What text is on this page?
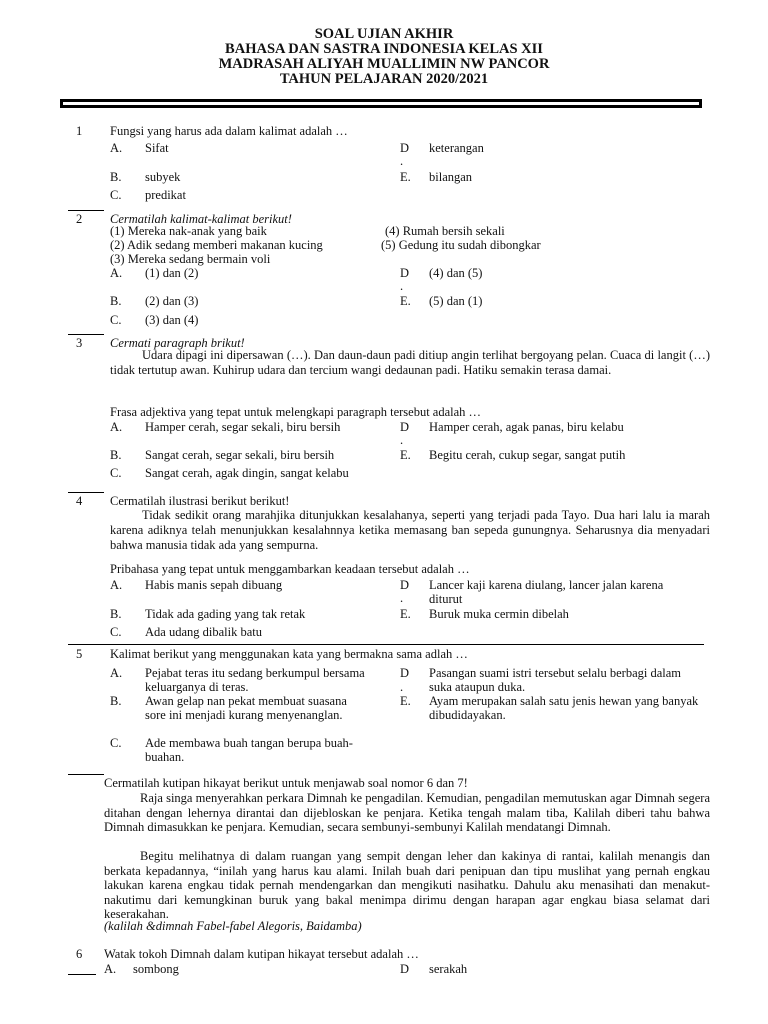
SOAL UJIAN AKHIR
BAHASA DAN SASTRA INDONESIA KELAS XII
MADRASAH ALIYAH MUALLIMIN NW PANCOR
TAHUN PELAJARAN 2020/2021
1 Fungsi yang harus ada dalam kalimat adalah …
A. Sifat	D keterangan
.
B. subyek	E. bilangan
C. predikat
2 Cermatilah kalimat-kalimat berikut!
(1) Mereka nak-anak yang baik	(4) Rumah bersih sekali
(2) Adik sedang memberi makanan kucing	(5) Gedung itu sudah dibongkar
(3) Mereka sedang bermain voli
A. (1) dan (2)	D (4) dan (5)
.
B. (2) dan (3)	E. (5) dan (1)
C. (3) dan (4)
3 Cermati paragraph brikut!
Udara dipagi ini dipersawan (…). Dan daun-daun padi ditiup angin terlihat bergoyang pelan. Cuaca di langit (…) tidak tertutup awan. Kuhirup udara dan tercium wangi dedaunan padi. Hatiku semakin terasa damai.
Frasa adjektiva yang tepat untuk melengkapi paragraph tersebut adalah …
A. Hamper cerah, segar sekali, biru bersih	D Hamper cerah, agak panas, biru kelabu
.
B. Sangat cerah, segar sekali, biru bersih	E. Begitu cerah, cukup segar, sangat putih
C. Sangat cerah, agak dingin, sangat kelabu
4 Cermatilah ilustrasi berikut berikut!
Tidak sedikit orang marahjika ditunjukkan kesalahanya, seperti yang terjadi pada Tayo. Dua hari lalu ia marah karena adiknya telah menunjukkan kesalahnnya ketika memasang ban sepeda gunungnya. Seharusnya dia menyadari bahwa manusia tidak ada yang sempurna.
Pribahasa yang tepat untuk menggambarkan keadaan tersebut adalah …
A. Habis manis sepah dibuang	D Lancer kaji karena diulang, lancer jalan karena diturut
.
B. Tidak ada gading yang tak retak	E. Buruk muka cermin dibelah
C. Ada udang dibalik batu
5 Kalimat berikut yang menggunakan kata yang bermakna sama adlah …
A. Pejabat teras itu sedang berkumpul bersama keluarganya di teras.
D Pasangan suami istri tersebut selalu berbagi dalam suka ataupun duka.
.
B. Awan gelap nan pekat membuat suasana sore ini menjadi kurang menyenanglan.
E. Ayam merupakan salah satu jenis hewan yang banyak dibudidayakan.
C. Ade membawa buah tangan berupa buah-buahan.
Cermatilah kutipan hikayat berikut untuk menjawab soal nomor 6 dan 7!
Raja singa menyerahkan perkara Dimnah ke pengadilan. Kemudian, pengadilan memutuskan agar Dimnah segera ditahan dengan lehernya dirantai dan dijebloskan ke penjara. Ketika tengah malam tiba, Kalilah diberi tahu bahwa Dimnah dimasukkan ke penjara. Kemudian, secara sembunyi-sembunyi Kalilah mendatangi Dimnah.
Begitu melihatnya di dalam ruangan yang sempit dengan leher dan kakinya di rantai, kalilah menangis dan berkata kepadannya, “inilah yang harus kau alami. Inilah buah dari penipuan dan tipu muslihat yang pernah engkau lakukan karena engkau tidak pernah mendengarkan dan mengikuti nasihatku. Dahulu aku menasihati dan menakut-nakutimu dari kemungkinan buruk yang bakal menimpa dirimu dengan harapan agar engkau biasa selamat dari keserakahan.
(kalilah &dimnah Fabel-fabel Alegoris, Baidamba)
6 Watak tokoh Dimnah dalam kutipan hikayat tersebut adalah …
A. sombong	D serakah
